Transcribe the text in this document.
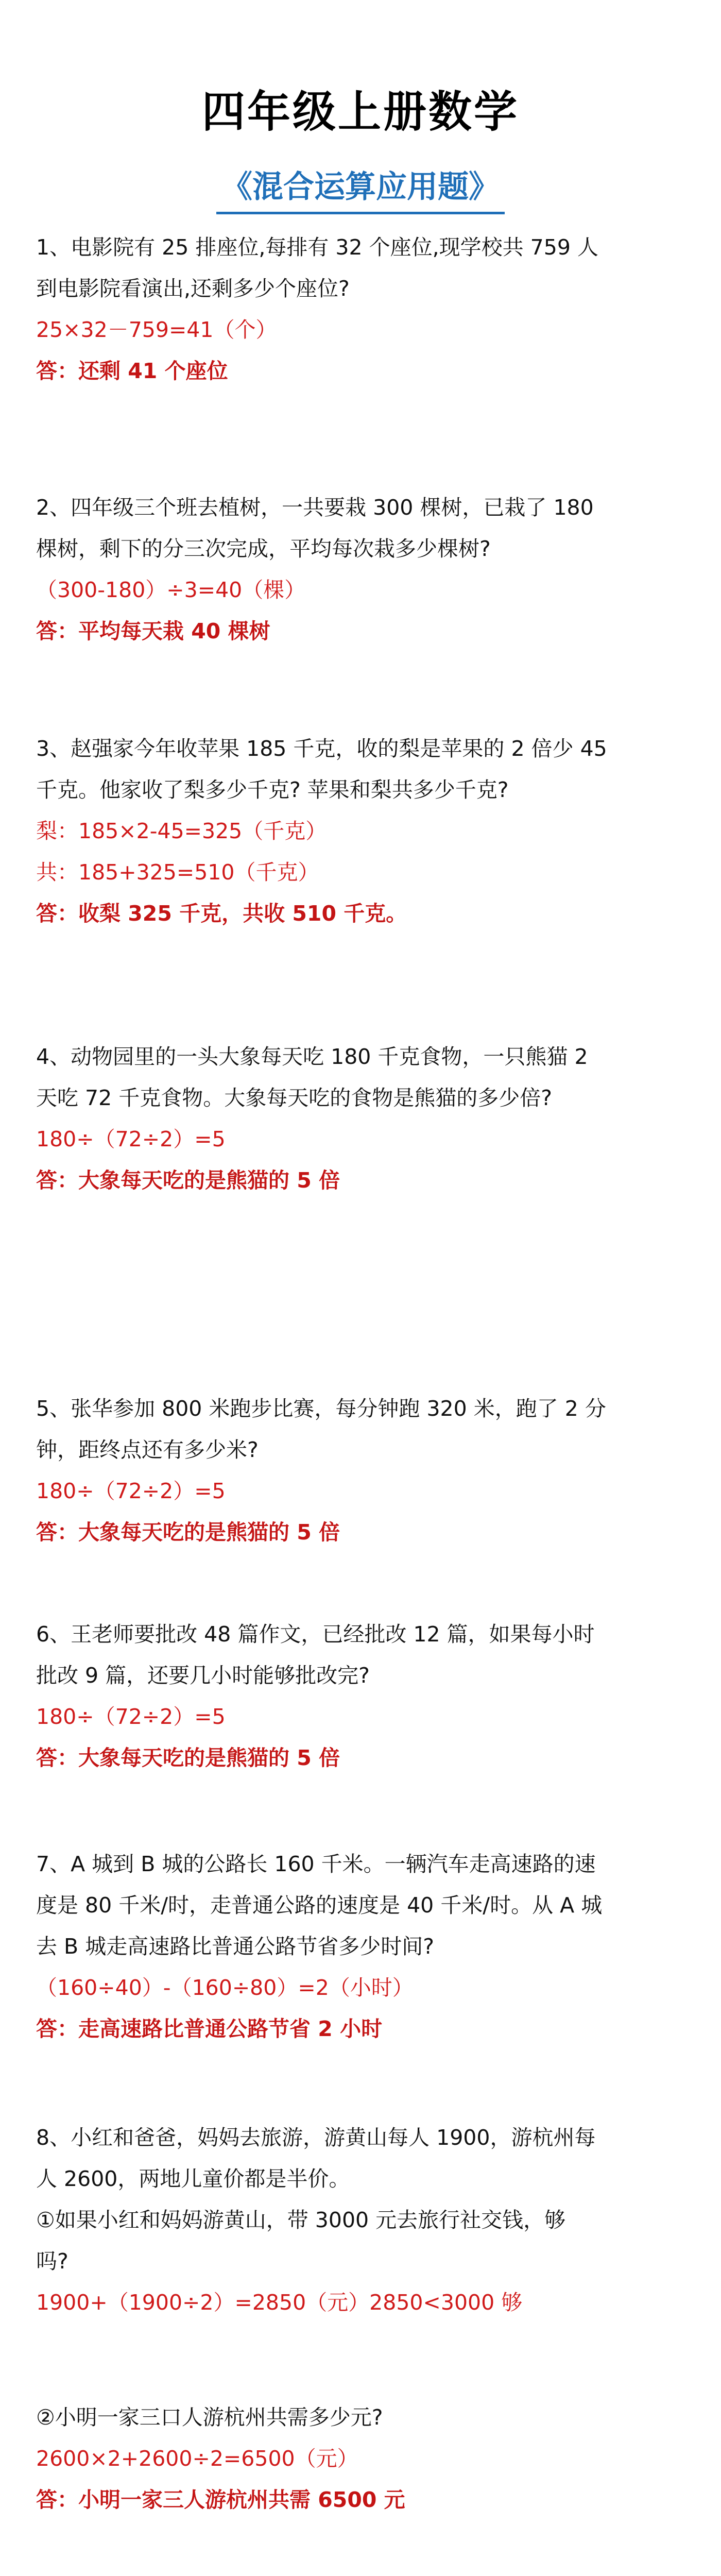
四年级上册数学
《混合运算应用题》
1、电影院有 25 排座位,每排有 32 个座位,现学校共 759 人
到电影院看演出,还剩多少个座位?
25×32－759=41（个）
答：还剩 41 个座位
2、四年级三个班去植树，一共要栽 300 棵树，已栽了 180
棵树，剩下的分三次完成，平均每次栽多少棵树?
（300-180）÷3=40（棵）
答：平均每天栽 40 棵树
3、赵强家今年收苹果 185 千克，收的梨是苹果的 2 倍少 45
千克。他家收了梨多少千克? 苹果和梨共多少千克?
梨：185×2-45=325（千克）
共：185+325=510（千克）
答：收梨 325 千克，共收 510 千克。
4、动物园里的一头大象每天吃 180 千克食物，一只熊猫 2
天吃 72 千克食物。大象每天吃的食物是熊猫的多少倍?
180÷（72÷2）=5
答：大象每天吃的是熊猫的 5 倍
5、张华参加 800 米跑步比赛，每分钟跑 320 米，跑了 2 分
钟，距终点还有多少米?
180÷（72÷2）=5
答：大象每天吃的是熊猫的 5 倍
6、王老师要批改 48 篇作文，已经批改 12 篇，如果每小时
批改 9 篇，还要几小时能够批改完?
180÷（72÷2）=5
答：大象每天吃的是熊猫的 5 倍
7、A 城到 B 城的公路长 160 千米。一辆汽车走高速路的速
度是 80 千米/时，走普通公路的速度是 40 千米/时。从 A 城
去 B 城走高速路比普通公路节省多少时间?
（160÷40）-（160÷80）=2（小时）
答：走高速路比普通公路节省 2 小时
8、小红和爸爸，妈妈去旅游，游黄山每人 1900，游杭州每
人 2600，两地儿童价都是半价。
①如果小红和妈妈游黄山，带 3000 元去旅行社交钱，够
吗?
1900+（1900÷2）=2850（元）2850<3000 够
②小明一家三口人游杭州共需多少元?
2600×2+2600÷2=6500（元）
答：小明一家三人游杭州共需 6500 元
